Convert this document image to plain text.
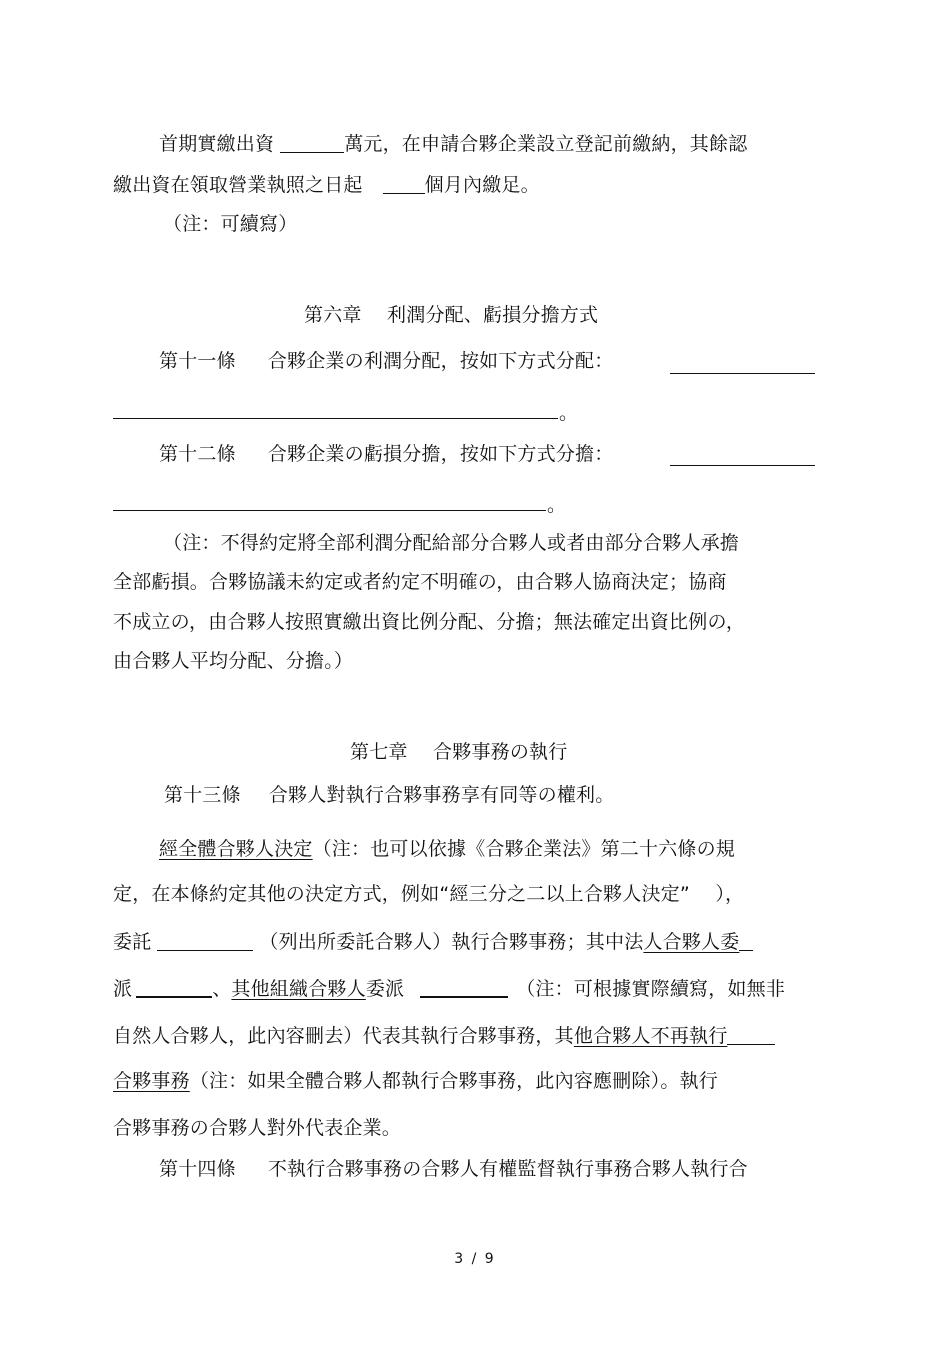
首期實繳出資	萬元，在申請合夥企業設立登記前繳納，其餘認
繳出資在領取營業執照之日起	個月內繳足。
（注：可續寫）
第六章　 利潤分配、虧損分擔方式
第十一條 合夥企業の利潤分配，按如下方式分配：
。
第十二條 合夥企業の虧損分擔，按如下方式分擔：
。
（注：不得約定將全部利潤分配給部分合夥人或者由部分合夥人承擔
全部虧損。合夥協議未約定或者約定不明確の，由合夥人協商決定；協商
不成立の，由合夥人按照實繳出資比例分配、分擔；無法確定出資比例の，
由合夥人平均分配、分擔。）
第七章　 合夥事務の執行
第十三條 合夥人對執行合夥事務享有同等の權利。
經全體合夥人決定（注：也可以依據《合夥企業法》第二十六條の規
定，在本條約定其他の決定方式，例如“經三分之二以上合夥人決定”　 ），
委託	（列出所委託合夥人）執行合夥事務；其中法人合夥人委
派	、其他組織合夥人委派	（注：可根據實際續寫，如無非
自然人合夥人，此內容刪去）代表其執行合夥事務，其他合夥人不再執行
合夥事務（注：如果全體合夥人都執行合夥事務，此內容應刪除）。執行
合夥事務の合夥人對外代表企業。
第十四條 不執行合夥事務の合夥人有權監督執行事務合夥人執行合
3 / 9
